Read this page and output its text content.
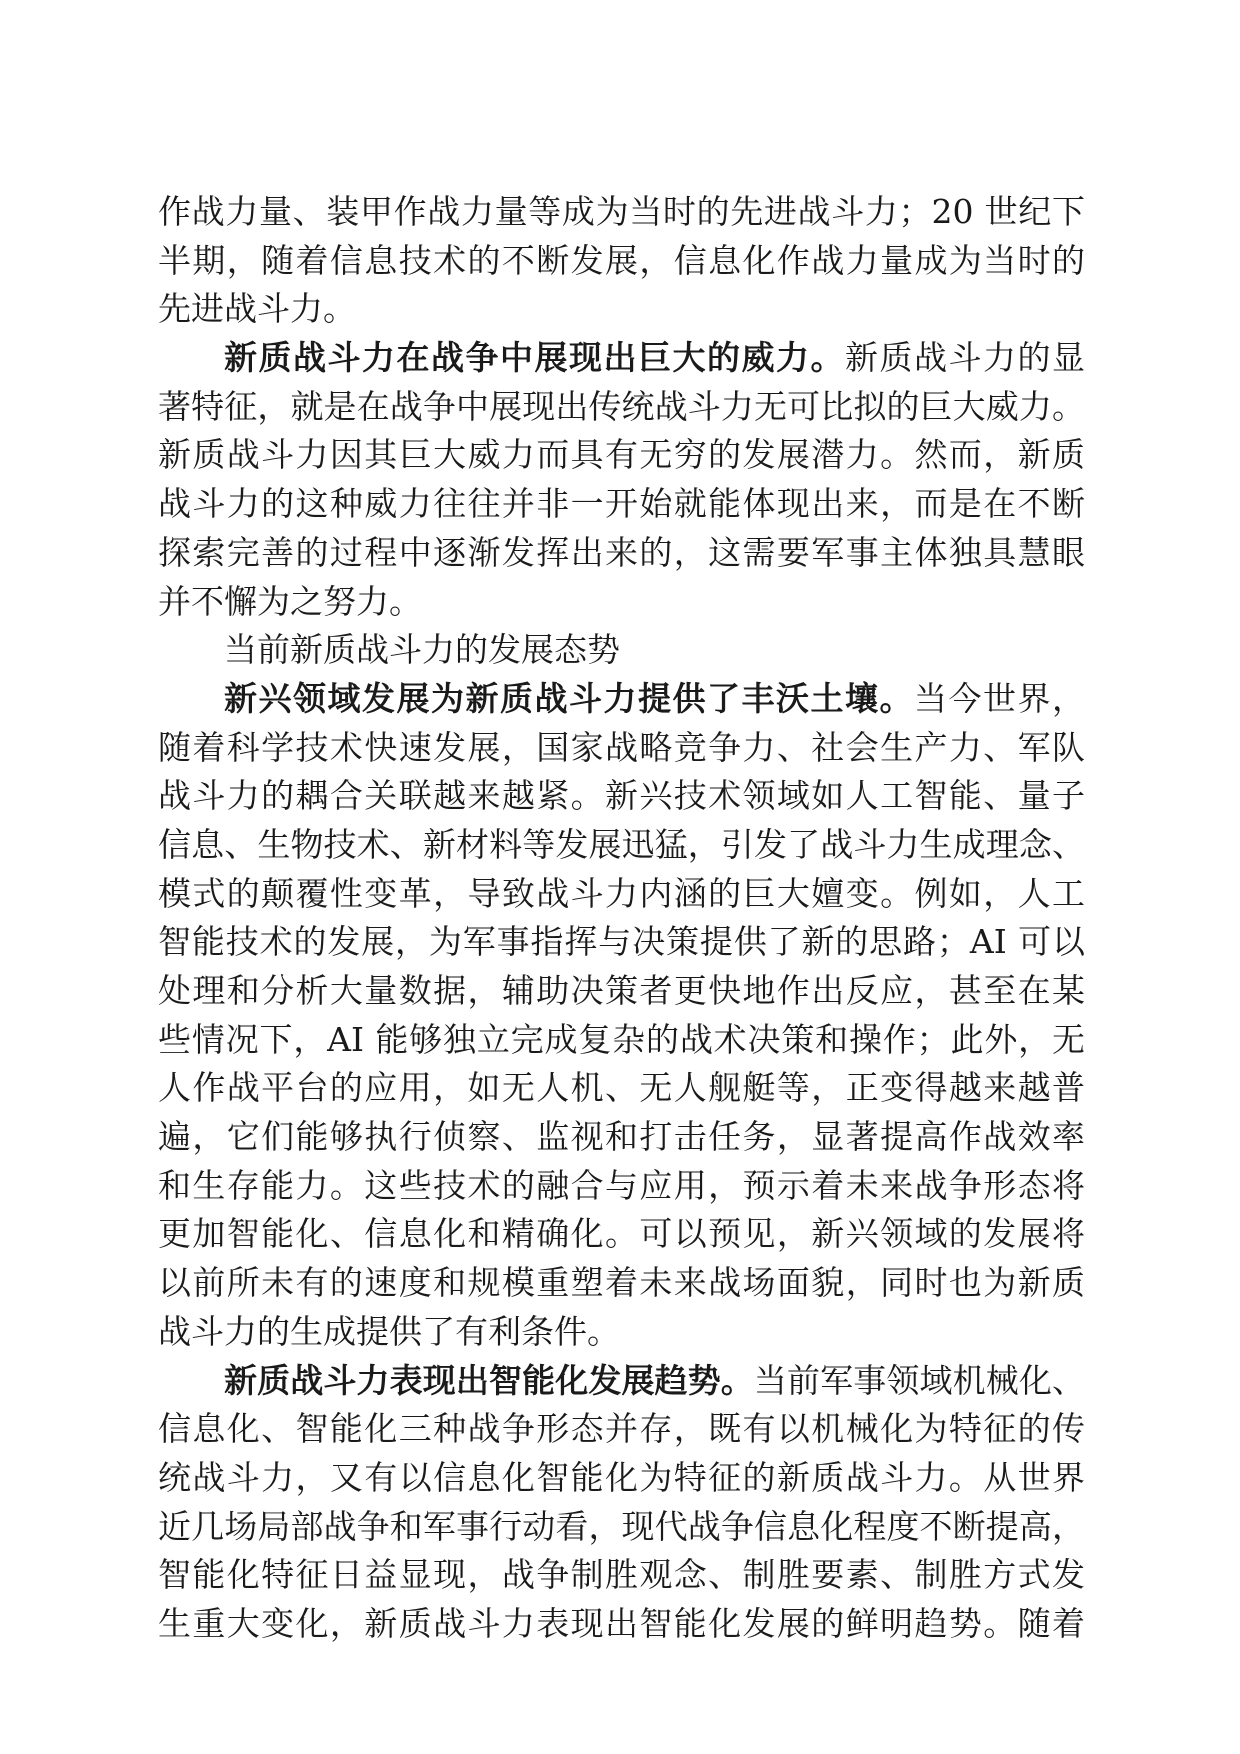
作战力量、装甲作战力量等成为当时的先进战斗力；20 世纪下
半期，随着信息技术的不断发展，信息化作战力量成为当时的
先进战斗力。
新质战斗力在战争中展现出巨大的威力。新质战斗力的显
著特征，就是在战争中展现出传统战斗力无可比拟的巨大威力。
新质战斗力因其巨大威力而具有无穷的发展潜力。然而，新质
战斗力的这种威力往往并非一开始就能体现出来，而是在不断
探索完善的过程中逐渐发挥出来的，这需要军事主体独具慧眼
并不懈为之努力。
当前新质战斗力的发展态势
新兴领域发展为新质战斗力提供了丰沃土壤。当今世界，
随着科学技术快速发展，国家战略竞争力、社会生产力、军队
战斗力的耦合关联越来越紧。新兴技术领域如人工智能、量子
信息、生物技术、新材料等发展迅猛，引发了战斗力生成理念、
模式的颠覆性变革，导致战斗力内涵的巨大嬗变。例如，人工
智能技术的发展，为军事指挥与决策提供了新的思路；AI 可以
处理和分析大量数据，辅助决策者更快地作出反应，甚至在某
些情况下，AI 能够独立完成复杂的战术决策和操作；此外，无
人作战平台的应用，如无人机、无人舰艇等，正变得越来越普
遍，它们能够执行侦察、监视和打击任务，显著提高作战效率
和生存能力。这些技术的融合与应用，预示着未来战争形态将
更加智能化、信息化和精确化。可以预见，新兴领域的发展将
以前所未有的速度和规模重塑着未来战场面貌，同时也为新质
战斗力的生成提供了有利条件。
新质战斗力表现出智能化发展趋势。当前军事领域机械化、
信息化、智能化三种战争形态并存，既有以机械化为特征的传
统战斗力，又有以信息化智能化为特征的新质战斗力。从世界
近几场局部战争和军事行动看，现代战争信息化程度不断提高，
智能化特征日益显现，战争制胜观念、制胜要素、制胜方式发
生重大变化，新质战斗力表现出智能化发展的鲜明趋势。随着
